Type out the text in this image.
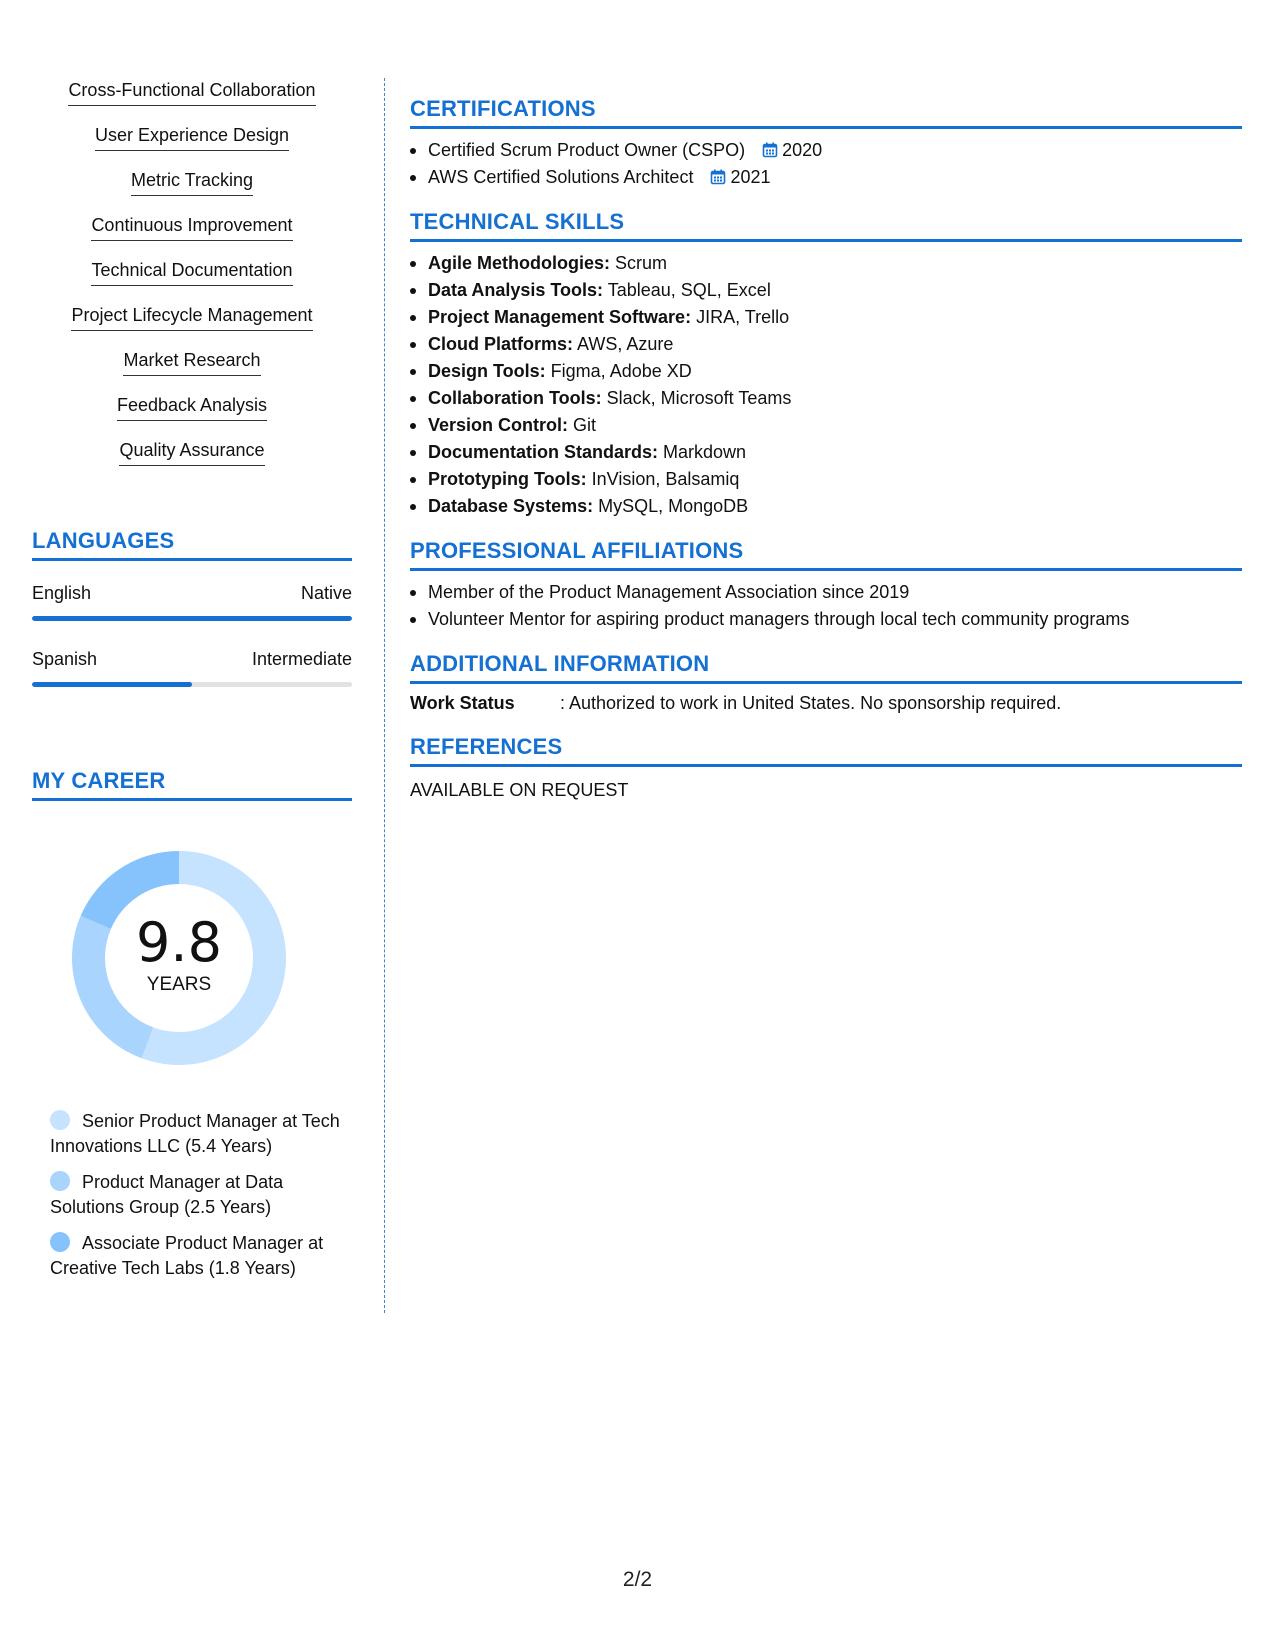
Cross-Functional Collaboration
User Experience Design
Metric Tracking
Continuous Improvement
Technical Documentation
Project Lifecycle Management
Market Research
Feedback Analysis
Quality Assurance
LANGUAGES
English	Native
Spanish	Intermediate
MY CAREER
9.8
YEARS
Senior Product Manager at Tech Innovations LLC (5.4 Years)
Product Manager at Data Solutions Group (2.5 Years)
Associate Product Manager at Creative Tech Labs (1.8 Years)
CERTIFICATIONS
Certified Scrum Product Owner (CSPO) 2020
AWS Certified Solutions Architect 2021
TECHNICAL SKILLS
Agile Methodologies: Scrum
Data Analysis Tools: Tableau, SQL, Excel
Project Management Software: JIRA, Trello
Cloud Platforms: AWS, Azure
Design Tools: Figma, Adobe XD
Collaboration Tools: Slack, Microsoft Teams
Version Control: Git
Documentation Standards: Markdown
Prototyping Tools: InVision, Balsamiq
Database Systems: MySQL, MongoDB
PROFESSIONAL AFFILIATIONS
Member of the Product Management Association since 2019
Volunteer Mentor for aspiring product managers through local tech community programs
ADDITIONAL INFORMATION
Work Status	: Authorized to work in United States. No sponsorship required.
REFERENCES
AVAILABLE ON REQUEST
2/2
